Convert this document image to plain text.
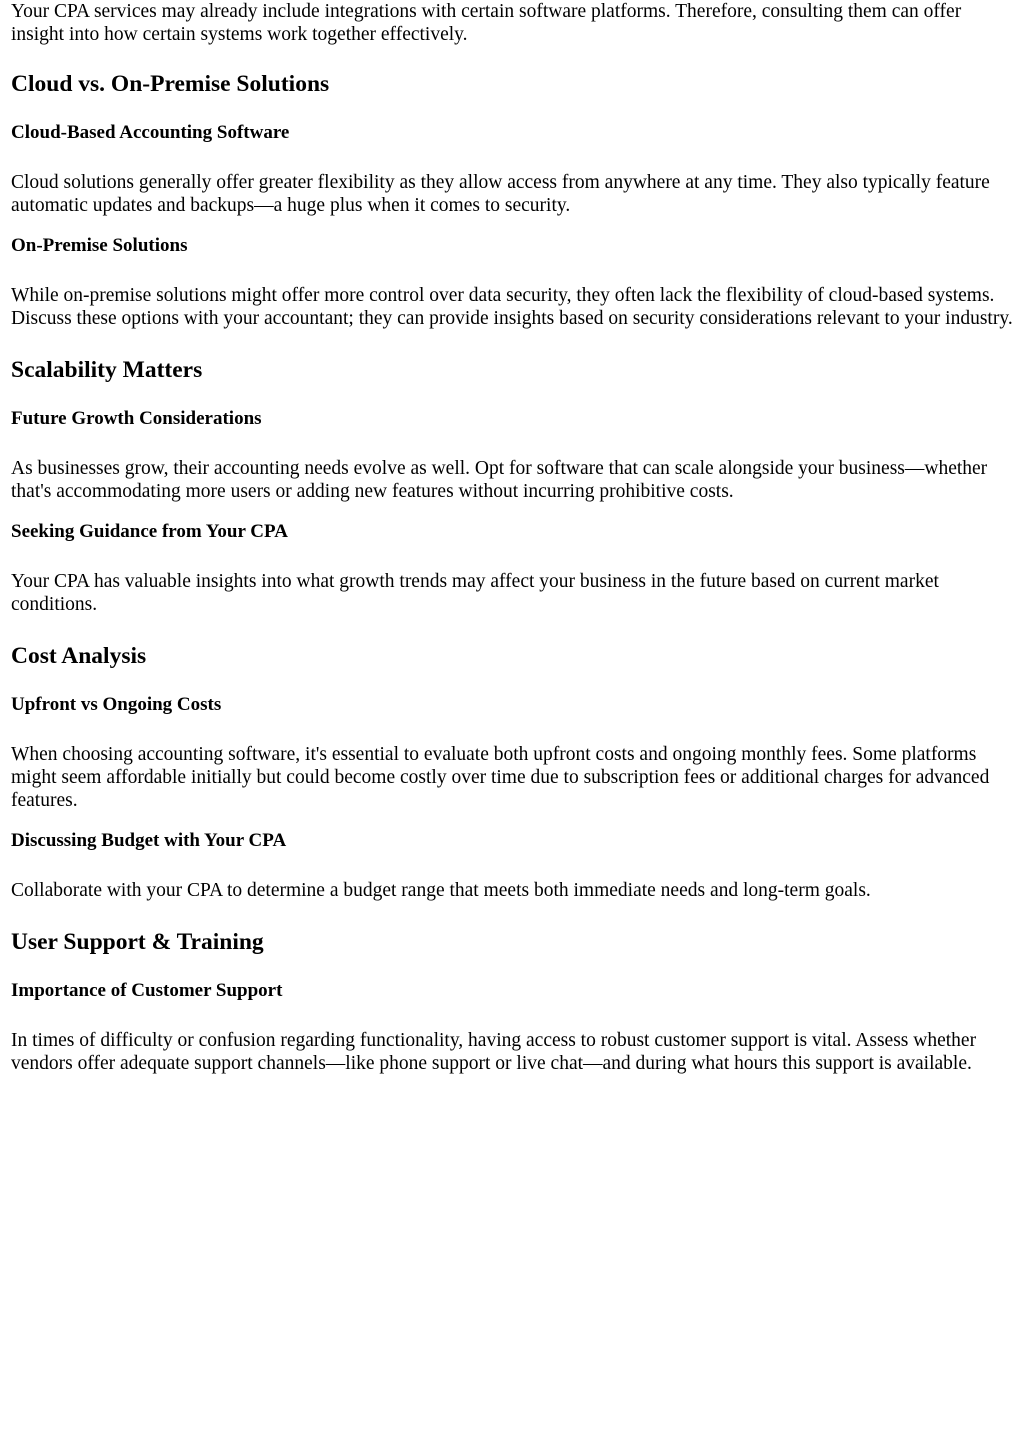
Your CPA services may already include integrations with certain software platforms. Therefore, consulting them can offer insight into how certain systems work together effectively.

Cloud vs. On-Premise Solutions
Cloud-Based Accounting Software

Cloud solutions generally offer greater flexibility as they allow access from anywhere at any time. They also typically feature automatic updates and backups—a huge plus when it comes to security.

On-Premise Solutions

While on-premise solutions might offer more control over data security, they often lack the flexibility of cloud-based systems. Discuss these options with your accountant; they can provide insights based on security considerations relevant to your industry.

Scalability Matters
Future Growth Considerations

As businesses grow, their accounting needs evolve as well. Opt for software that can scale alongside your business—whether that's accommodating more users or adding new features without incurring prohibitive costs.

Seeking Guidance from Your CPA

Your CPA has valuable insights into what growth trends may affect your business in the future based on current market conditions.

Cost Analysis
Upfront vs Ongoing Costs

When choosing accounting software, it's essential to evaluate both upfront costs and ongoing monthly fees. Some platforms might seem affordable initially but could become costly over time due to subscription fees or additional charges for advanced features.

Discussing Budget with Your CPA

Collaborate with your CPA to determine a budget range that meets both immediate needs and long-term goals.

User Support & Training
Importance of Customer Support

In times of difficulty or confusion regarding functionality, having access to robust customer support is vital. Assess whether vendors offer adequate support channels—like phone support or live chat—and during what hours this support is available.
